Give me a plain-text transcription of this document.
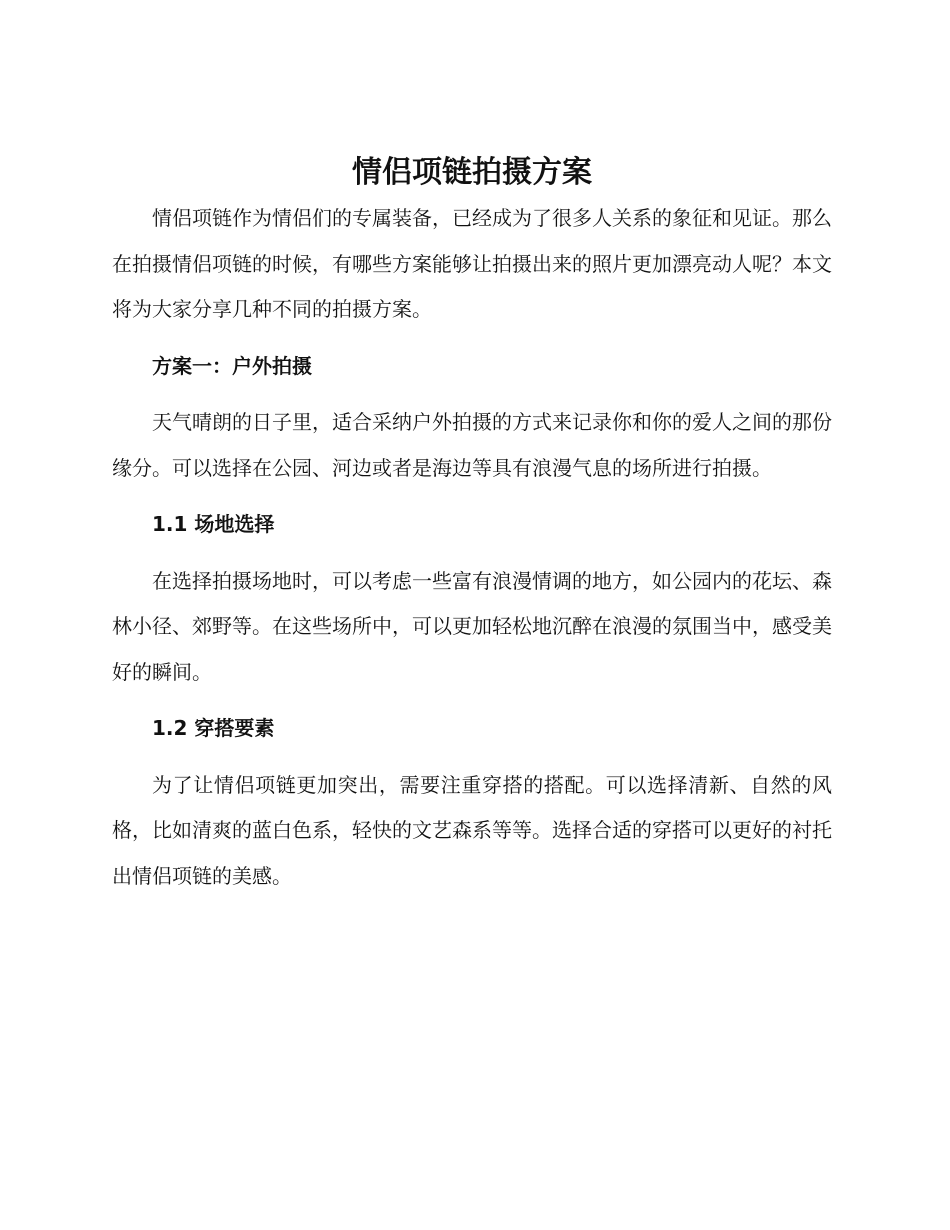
情侣项链拍摄方案

情侣项链作为情侣们的专属装备，已经成为了很多人关系的象征和见证。那么在拍摄情侣项链的时候，有哪些方案能够让拍摄出来的照片更加漂亮动人呢？本文将为大家分享几种不同的拍摄方案。

方案一：户外拍摄

天气晴朗的日子里，适合采纳户外拍摄的方式来记录你和你的爱人之间的那份缘分。可以选择在公园、河边或者是海边等具有浪漫气息的场所进行拍摄。

1.1 场地选择

在选择拍摄场地时，可以考虑一些富有浪漫情调的地方，如公园内的花坛、森林小径、郊野等。在这些场所中，可以更加轻松地沉醉在浪漫的氛围当中，感受美好的瞬间。

1.2 穿搭要素

为了让情侣项链更加突出，需要注重穿搭的搭配。可以选择清新、自然的风格，比如清爽的蓝白色系，轻快的文艺森系等等。选择合适的穿搭可以更好的衬托出情侣项链的美感。
